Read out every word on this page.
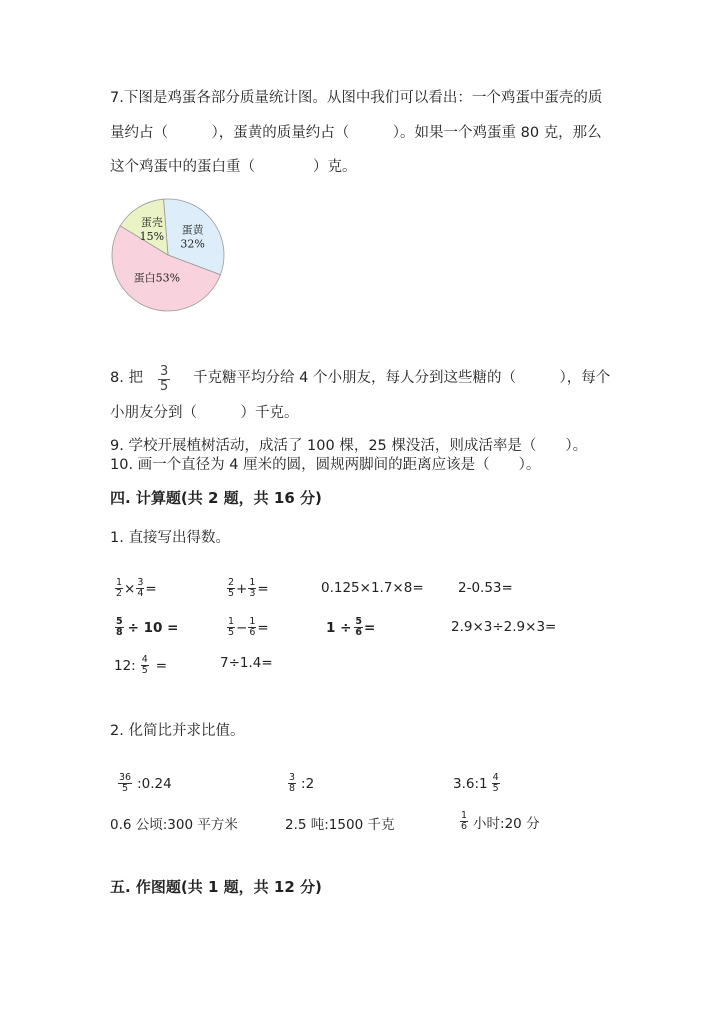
7.下图是鸡蛋各部分质量统计图。从图中我们可以看出：一个鸡蛋中蛋壳的质
量约占（　　　），蛋黄的质量约占（　　　）。如果一个鸡蛋重 80 克，那么
这个鸡蛋中的蛋白重（　　　　）克。
蛋黄
32%
蛋白53%
蛋壳
15%
8. 把 $\frac{3}{5}$ 千克糖平均分给 4 个小朋友，每人分到这些糖的（　　　），每个
小朋友分到（　　　）千克。
9. 学校开展植树活动，成活了 100 棵，25 棵没活，则成活率是（　　）。
10. 画一个直径为 4 厘米的圆，圆规两脚间的距离应该是（　　）。
四. 计算题(共 2 题，共 16 分)
1. 直接写出得数。
$\frac{1}{2} \times \frac{3}{4}$ =	$\frac{2}{5} + \frac{1}{3}$ =	0.125×1.7×8=	2-0.53=
$\frac{5}{8} \div 10$ =	$\frac{1}{5} - \frac{1}{6}$ =	$1 \div \frac{5}{6}$ =	2.9×3÷2.9×3=
12: $\frac{4}{5}$ =	7÷1.4=
2. 化简比并求比值。
$\frac{36}{5}$ :0.24	$\frac{3}{8}$ :2	3.6:1 $\frac{4}{5}$
0.6 公顷:300 平方米	2.5 吨:1500 千克	$\frac{1}{6}$ 小时:20 分
五. 作图题(共 1 题，共 12 分)
